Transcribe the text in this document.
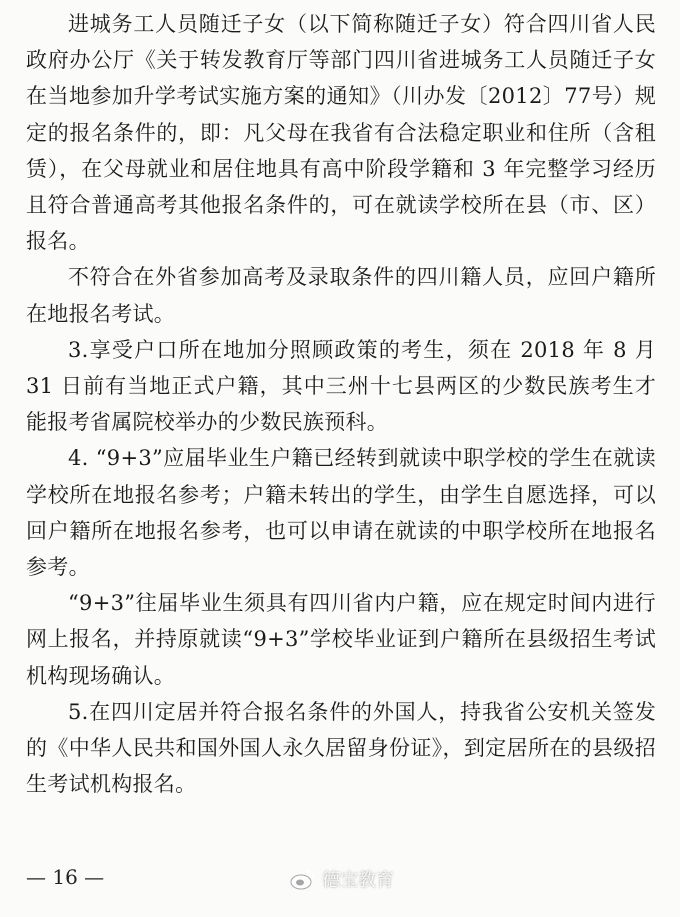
进城务工人员随迁子女（以下简称随迁子女）符合四川省人民政府办公厅《关于转发教育厅等部门四川省进城务工人员随迁子女在当地参加升学考试实施方案的通知》（川办发〔2012〕77号）规定的报名条件的，即：凡父母在我省有合法稳定职业和住所（含租赁），在父母就业和居住地具有高中阶段学籍和 3 年完整学习经历且符合普通高考其他报名条件的，可在就读学校所在县（市、区）报名。

不符合在外省参加高考及录取条件的四川籍人员，应回户籍所在地报名考试。

3.享受户口所在地加分照顾政策的考生，须在 2018 年 8 月 31 日前有当地正式户籍，其中三州十七县两区的少数民族考生才能报考省属院校举办的少数民族预科。

4. “9+3”应届毕业生户籍已经转到就读中职学校的学生在就读学校所在地报名参考；户籍未转出的学生，由学生自愿选择，可以回户籍所在地报名参考，也可以申请在就读的中职学校所在地报名参考。

“9+3”往届毕业生须具有四川省内户籍，应在规定时间内进行网上报名，并持原就读“9+3”学校毕业证到户籍所在县级招生考试机构现场确认。

5.在四川定居并符合报名条件的外国人，持我省公安机关签发的《中华人民共和国外国人永久居留身份证》，到定居所在的县级招生考试机构报名。

— 16 —	德宝教育
